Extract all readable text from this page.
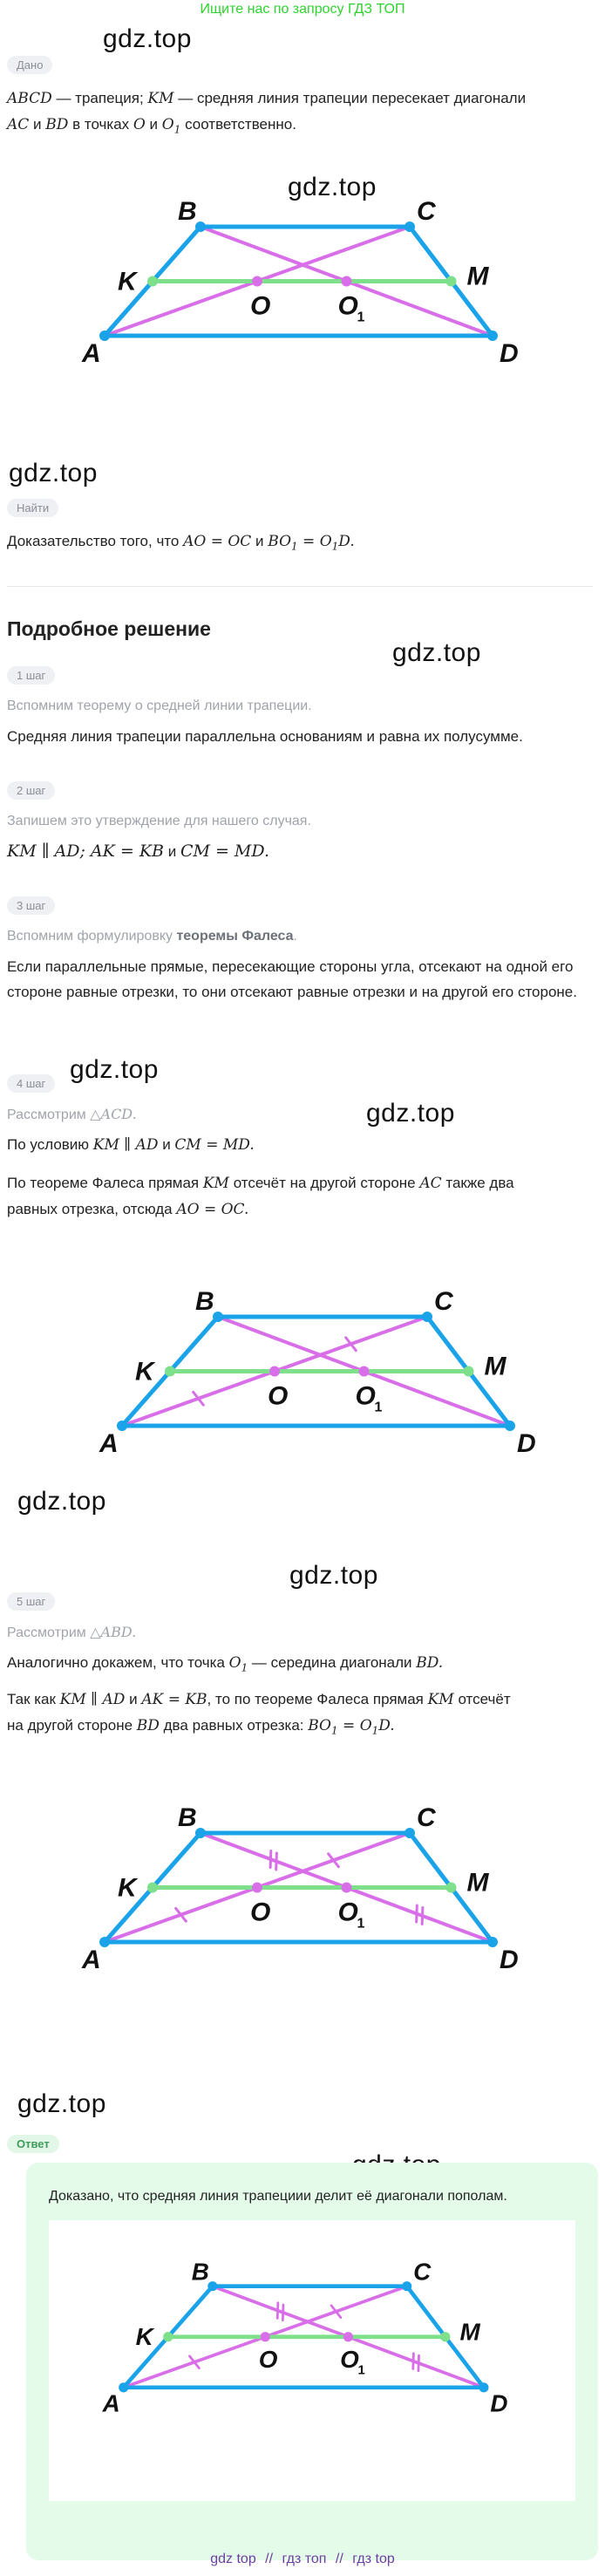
Ищите нас по запросу ГДЗ ТОП
gdz.top
gdz.top
gdz.top
gdz.top
gdz.top
gdz.top
gdz.top
gdz.top
gdz.top
Дано
ABCD — трапеция; KM — средняя линия трапеции пересекает диагонали
AC и BD в точках O и $O_1$ соответственно.
A
B	C
D
K	M
O	O
1
Найти
Доказательство того, что AO = OC и $BO_1 = O_1D$.
Подробное решение
1 шаг
Вспомним теорему о средней линии трапеции.
Средняя линия трапеции параллельна основаниям и равна их полусумме.
2 шаг
Запишем это утверждение для нашего случая.
KM ∥ AD; AK = KB и CM = MD.
3 шаг
Вспомним формулировку теоремы Фалеса.
Если параллельные прямые, пересекающие стороны угла, отсекают на одной его стороне равные отрезки, то они отсекают равные отрезки и на другой его стороне.
4 шаг
Рассмотрим △ACD.
По условию KM ∥ AD и CM = MD.
По теореме Фалеса прямая KM отсечёт на другой стороне AC также два
равных отрезка, отсюда AO = OC.
A
B	C
D
K	M
O	O
1
5 шаг
Рассмотрим △ABD.
Аналогично докажем, что точка $O_1$ — середина диагонали BD.
Так как KM ∥ AD и AK = KB, то по теореме Фалеса прямая KM отсечёт
на другой стороне BD два равных отрезка: $BO_1 = O_1D$.
A
B	C
D
K	M
O	O
1
Ответ
Доказано, что средняя линия трапециии делит её диагонали пополам.
A
B	C
D
K	M
O O
1
gdz top // гдз топ // гдз top
